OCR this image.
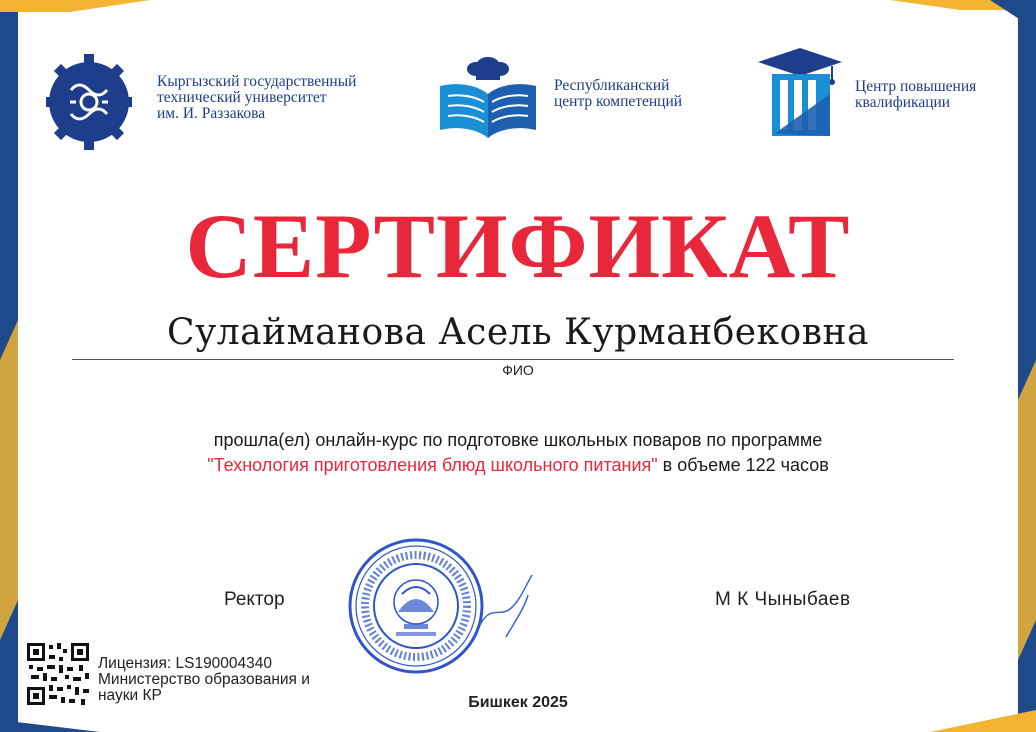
Кыргызский государственный
технический университет
им. И. Раззакова
Республиканский
центр компетенций
Центр повышения
квалификации
СЕРТИФИКАТ
Сулайманова Асель Курманбековна
ФИО
прошла(ел) онлайн-курс по подготовке школьных поваров по программе
"Технология приготовления блюд школьного питания" в объеме 122 часов
Ректор	М К Чыныбаев
Лицензия: LS190004340
Министерство образования и
науки КР	Бишкек 2025
